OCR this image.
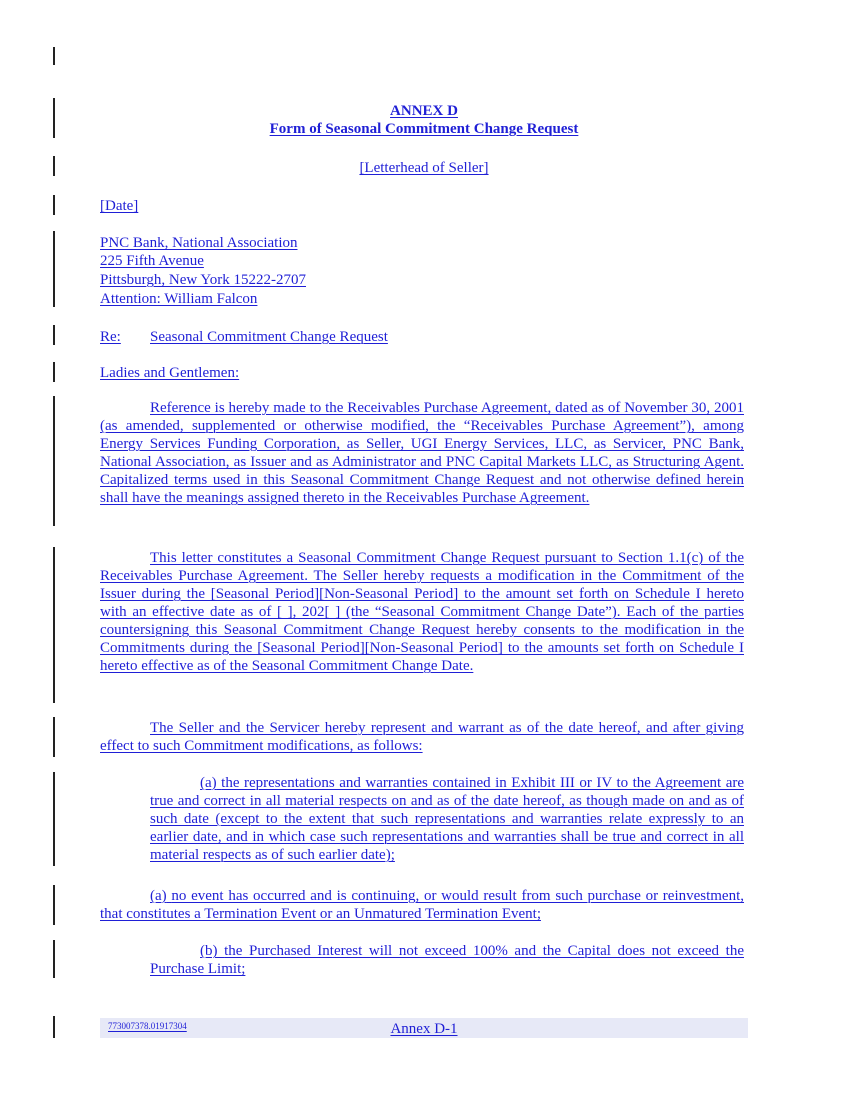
ANNEX D
Form of Seasonal Commitment Change Request
[Letterhead of Seller]
[Date]
PNC Bank, National Association
225 Fifth Avenue
Pittsburgh, New York 15222-2707
Attention: William Falcon
Re: Seasonal Commitment Change Request
Ladies and Gentlemen:
Reference is hereby made to the Receivables Purchase Agreement, dated as of November 30, 2001 (as amended, supplemented or otherwise modified, the “Receivables Purchase Agreement”), among Energy Services Funding Corporation, as Seller, UGI Energy Services, LLC, as Servicer, PNC Bank, National Association, as Issuer and as Administrator and PNC Capital Markets LLC, as Structuring Agent. Capitalized terms used in this Seasonal Commitment Change Request and not otherwise defined herein shall have the meanings assigned thereto in the Receivables Purchase Agreement.
This letter constitutes a Seasonal Commitment Change Request pursuant to Section 1.1(c) of the Receivables Purchase Agreement. The Seller hereby requests a modification in the Commitment of the Issuer during the [Seasonal Period][Non-Seasonal Period] to the amount set forth on Schedule I hereto with an effective date as of [ ], 202[ ] (the “Seasonal Commitment Change Date”). Each of the parties countersigning this Seasonal Commitment Change Request hereby consents to the modification in the Commitments during the [Seasonal Period][Non-Seasonal Period] to the amounts set forth on Schedule I hereto effective as of the Seasonal Commitment Change Date.
The Seller and the Servicer hereby represent and warrant as of the date hereof, and after giving effect to such Commitment modifications, as follows:
(a) the representations and warranties contained in Exhibit III or IV to the Agreement are true and correct in all material respects on and as of the date hereof, as though made on and as of such date (except to the extent that such representations and warranties relate expressly to an earlier date, and in which case such representations and warranties shall be true and correct in all material respects as of such earlier date);
(a) no event has occurred and is continuing, or would result from such purchase or reinvestment, that constitutes a Termination Event or an Unmatured Termination Event;
(b) the Purchased Interest will not exceed 100% and the Capital does not exceed the Purchase Limit;
773007378.01917304	Annex D-1
